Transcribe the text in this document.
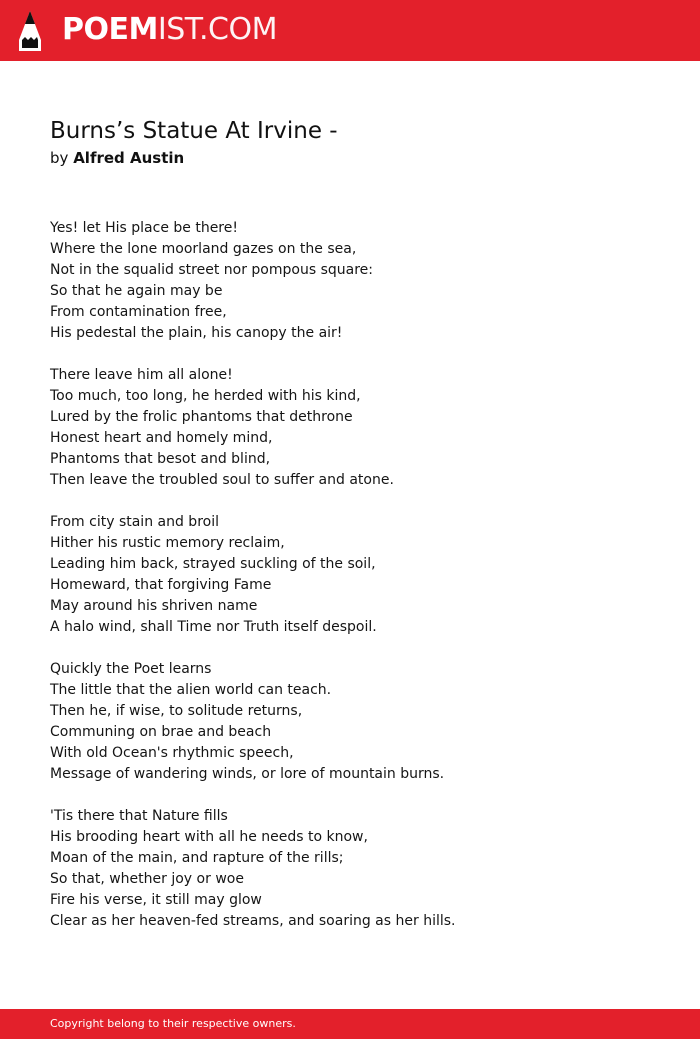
POEMIST.COM
Burns’s Statue At Irvine -
by Alfred Austin
Yes! let His place be there!
Where the lone moorland gazes on the sea,
Not in the squalid street nor pompous square:
So that he again may be
From contamination free,
His pedestal the plain, his canopy the air!
There leave him all alone!
Too much, too long, he herded with his kind,
Lured by the frolic phantoms that dethrone
Honest heart and homely mind,
Phantoms that besot and blind,
Then leave the troubled soul to suffer and atone.
From city stain and broil
Hither his rustic memory reclaim,
Leading him back, strayed suckling of the soil,
Homeward, that forgiving Fame
May around his shriven name
A halo wind, shall Time nor Truth itself despoil.
Quickly the Poet learns
The little that the alien world can teach.
Then he, if wise, to solitude returns,
Communing on brae and beach
With old Ocean's rhythmic speech,
Message of wandering winds, or lore of mountain burns.
'Tis there that Nature fills
His brooding heart with all he needs to know,
Moan of the main, and rapture of the rills;
So that, whether joy or woe
Fire his verse, it still may glow
Clear as her heaven-fed streams, and soaring as her hills.
Copyright belong to their respective owners.
